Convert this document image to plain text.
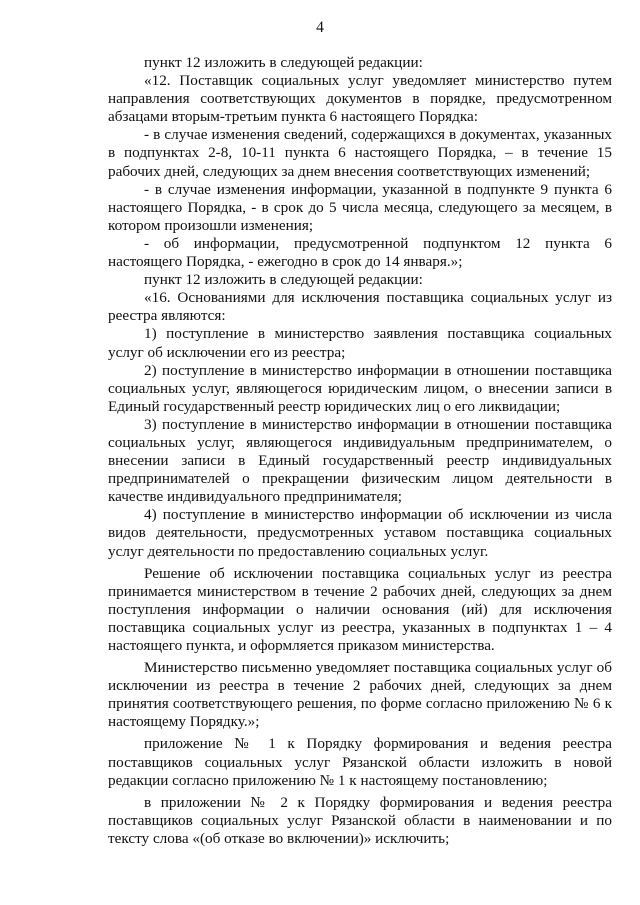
4

пункт 12 изложить в следующей редакции:

«12. Поставщик социальных услуг уведомляет министерство путем направления соответствующих документов в порядке, предусмотренном абзацами вторым-третьим пункта 6 настоящего Порядка:

- в случае изменения сведений, содержащихся в документах, указанных в подпунктах 2-8, 10-11 пункта 6 настоящего Порядка, – в течение 15 рабочих дней, следующих за днем внесения соответствующих изменений;

- в случае изменения информации, указанной в подпункте 9 пункта 6 настоящего Порядка, - в срок до 5 числа месяца, следующего за месяцем, в котором произошли изменения;

- об информации, предусмотренной подпунктом 12 пункта 6 настоящего Порядка, - ежегодно в срок до 14 января.»;

пункт 12 изложить в следующей редакции:

«16. Основаниями для исключения поставщика социальных услуг из реестра являются:

1) поступление в министерство заявления поставщика социальных услуг об исключении его из реестра;

2) поступление в министерство информации в отношении поставщика социальных услуг, являющегося юридическим лицом, о внесении записи в Единый государственный реестр юридических лиц о его ликвидации;

3) поступление в министерство информации в отношении поставщика социальных услуг, являющегося индивидуальным предпринимателем, о внесении записи в Единый государственный реестр индивидуальных предпринимателей о прекращении физическим лицом деятельности в качестве индивидуального предпринимателя;

4) поступление в министерство информации об исключении из числа видов деятельности, предусмотренных уставом поставщика социальных услуг деятельности по предоставлению социальных услуг.

Решение об исключении поставщика социальных услуг из реестра принимается министерством в течение 2 рабочих дней, следующих за днем поступления информации о наличии основания (ий) для исключения поставщика социальных услуг из реестра, указанных в подпунктах 1 – 4 настоящего пункта, и оформляется приказом министерства.

Министерство письменно уведомляет поставщика социальных услуг об исключении из реестра в течение 2 рабочих дней, следующих за днем принятия соответствующего решения, по форме согласно приложению № 6 к настоящему Порядку.»;

приложение № 1 к Порядку формирования и ведения реестра поставщиков социальных услуг Рязанской области изложить в новой редакции согласно приложению № 1 к настоящему постановлению;

в приложении № 2 к Порядку формирования и ведения реестра поставщиков социальных услуг Рязанской области в наименовании и по тексту слова «(об отказе во включении)» исключить;
